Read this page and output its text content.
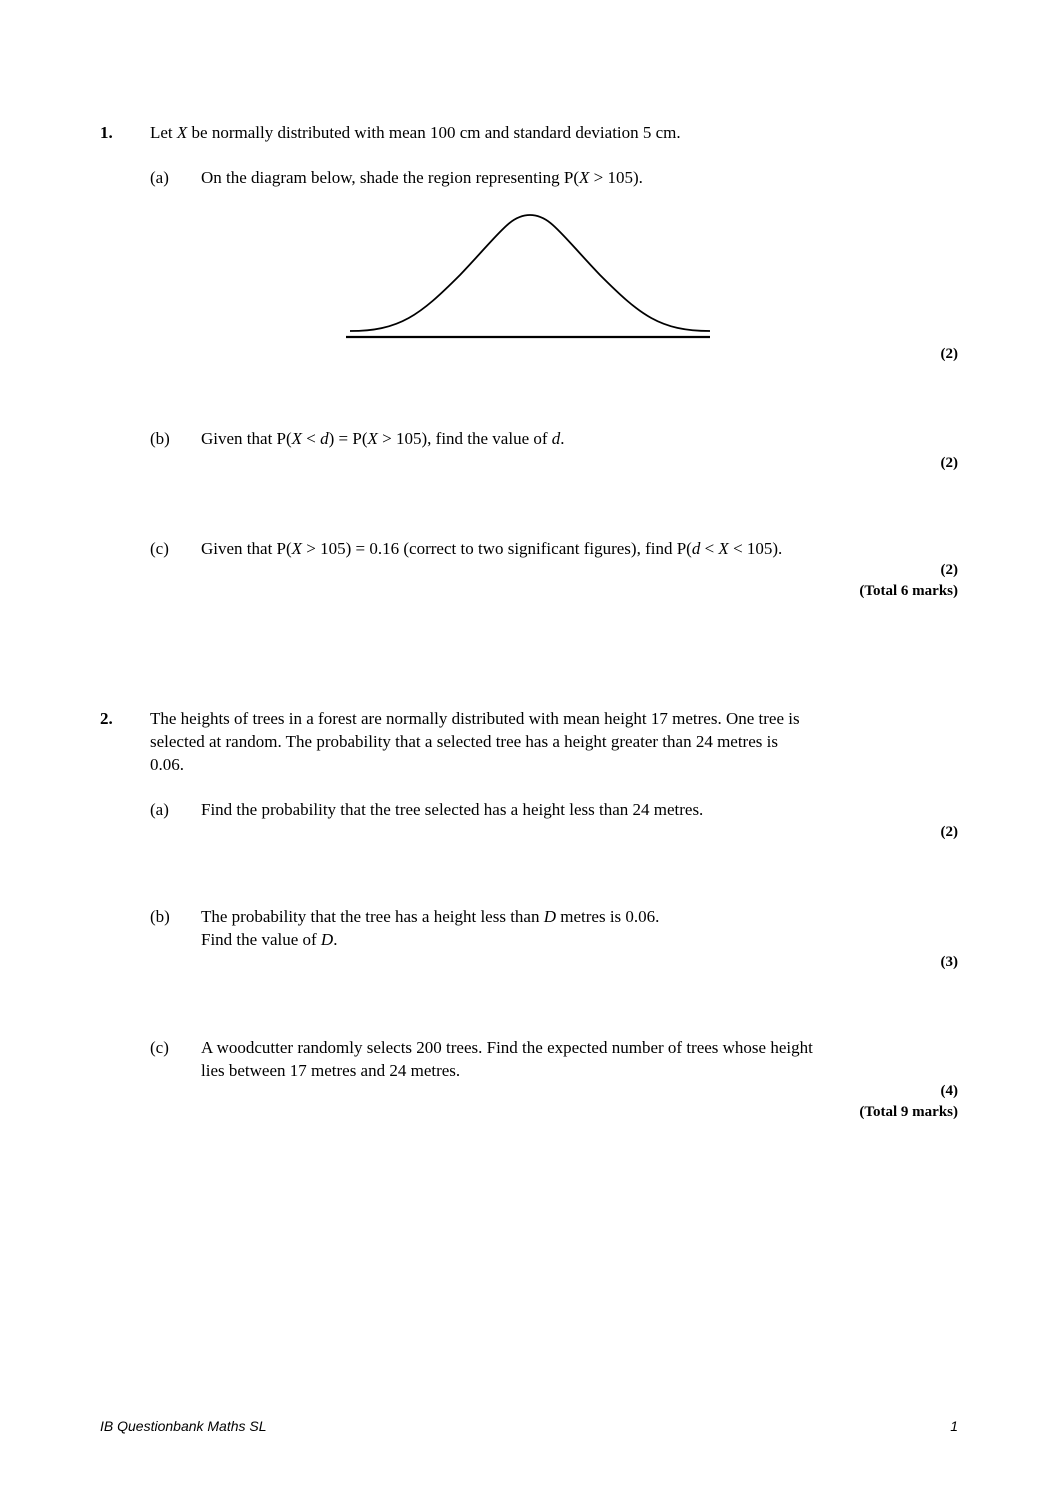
1. Let X be normally distributed with mean 100 cm and standard deviation 5 cm.
(a) On the diagram below, shade the region representing P(X > 105).
(2)
(b) Given that P(X < d) = P(X > 105), find the value of d.
(2)
(c) Given that P(X > 105) = 0.16 (correct to two significant figures), find P(d < X < 105).
(2)
(Total 6 marks)
2. The heights of trees in a forest are normally distributed with mean height 17 metres. One tree is
selected at random. The probability that a selected tree has a height greater than 24 metres is
0.06.
(a) Find the probability that the tree selected has a height less than 24 metres.
(2)
(b) The probability that the tree has a height less than D metres is 0.06.
Find the value of D.
(3)
(c) A woodcutter randomly selects 200 trees. Find the expected number of trees whose height
lies between 17 metres and 24 metres.
(4)
(Total 9 marks)
IB Questionbank Maths SL	1
